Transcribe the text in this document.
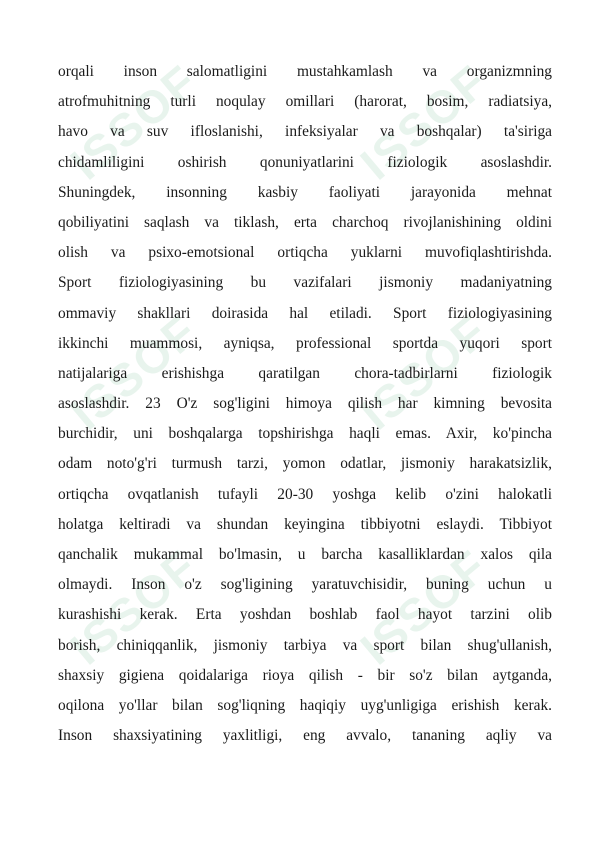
ISSOF	ISSOF
ISSOF	ISSOF
ISSOF	ISSOF
orqali inson salomatligini mustahkamlash va organizmning
atrofmuhitning turli noqulay omillari (harorat, bosim, radiatsiya,
havo va suv ifloslanishi, infeksiyalar va boshqalar) ta'siriga
chidamliligini oshirish qonuniyatlarini fiziologik asoslashdir.
Shuningdek, insonning kasbiy faoliyati jarayonida mehnat
qobiliyatini saqlash va tiklash, erta charchoq rivojlanishining oldini
olish va psixo-emotsional ortiqcha yuklarni muvofiqlashtirishda.
Sport fiziologiyasining bu vazifalari jismoniy madaniyatning
ommaviy shakllari doirasida hal etiladi. Sport fiziologiyasining
ikkinchi muammosi, ayniqsa, professional sportda yuqori sport
natijalariga erishishga qaratilgan chora-tadbirlarni fiziologik
asoslashdir. 23 O'z sog'ligini himoya qilish har kimning bevosita
burchidir, uni boshqalarga topshirishga haqli emas. Axir, ko'pincha
odam noto'g'ri turmush tarzi, yomon odatlar, jismoniy harakatsizlik,
ortiqcha ovqatlanish tufayli 20-30 yoshga kelib o'zini halokatli
holatga keltiradi va shundan keyingina tibbiyotni eslaydi. Tibbiyot
qanchalik mukammal bo'lmasin, u barcha kasalliklardan xalos qila
olmaydi. Inson o'z sog'ligining yaratuvchisidir, buning uchun u
kurashishi kerak. Erta yoshdan boshlab faol hayot tarzini olib
borish, chiniqqanlik, jismoniy tarbiya va sport bilan shug'ullanish,
shaxsiy gigiena qoidalariga rioya qilish - bir so'z bilan aytganda,
oqilona yo'llar bilan sog'liqning haqiqiy uyg'unligiga erishish kerak.
Inson shaxsiyatining yaxlitligi, eng avvalo, tananing aqliy va
